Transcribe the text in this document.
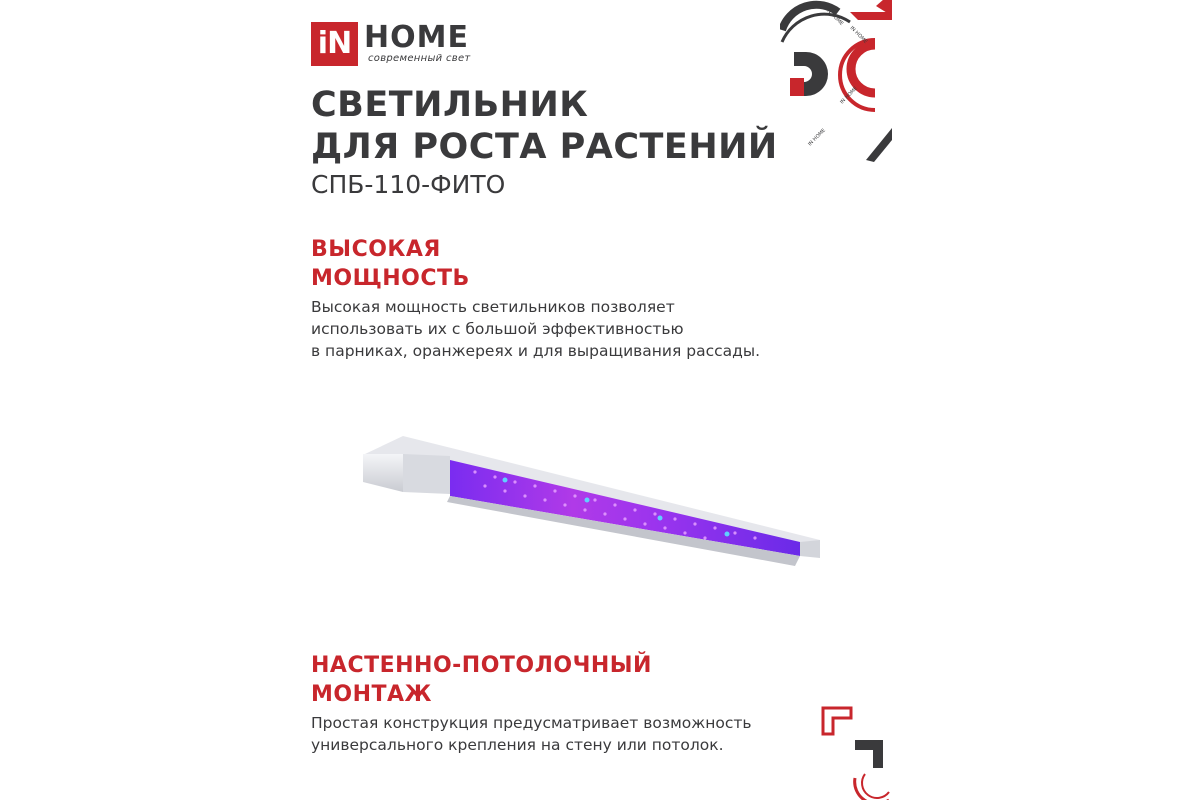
iN HOME
современный свет
СВЕТИЛЬНИК
ДЛЯ РОСТА РАСТЕНИЙ
СПБ-110-ФИТО
ВЫСОКАЯ
МОЩНОСТЬ

Высокая мощность светильников позволяет
использовать их с большой эффективностью
в парниках, оранжереях и для выращивания рассады.

НАСТЕННО-ПОТОЛОЧНЫЙ
МОНТАЖ

Простая конструкция предусматривает возможность
универсального крепления на стену или потолок.

IN HOME
IN HOME
IN HOME
IN HOME
